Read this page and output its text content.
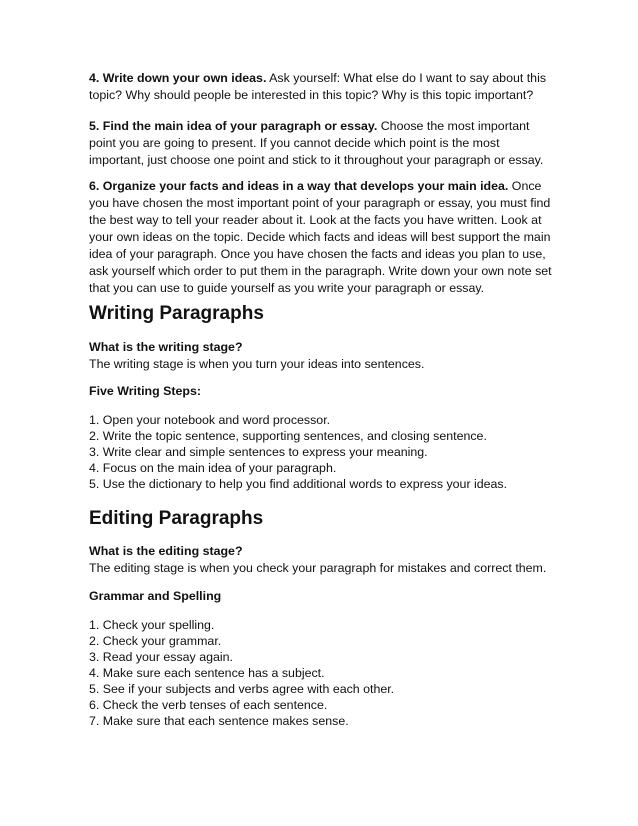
4. Write down your own ideas. Ask yourself: What else do I want to say about this topic? Why should people be interested in this topic? Why is this topic important?

5. Find the main idea of your paragraph or essay. Choose the most important point you are going to present. If you cannot decide which point is the most important, just choose one point and stick to it throughout your paragraph or essay.

6. Organize your facts and ideas in a way that develops your main idea. Once you have chosen the most important point of your paragraph or essay, you must find the best way to tell your reader about it. Look at the facts you have written. Look at your own ideas on the topic. Decide which facts and ideas will best support the main idea of your paragraph. Once you have chosen the facts and ideas you plan to use, ask yourself which order to put them in the paragraph. Write down your own note set that you can use to guide yourself as you write your paragraph or essay.

Writing Paragraphs
What is the writing stage?
The writing stage is when you turn your ideas into sentences.
Five Writing Steps:
1. Open your notebook and word processor.
2. Write the topic sentence, supporting sentences, and closing sentence.
3. Write clear and simple sentences to express your meaning.
4. Focus on the main idea of your paragraph.
5. Use the dictionary to help you find additional words to express your ideas.
Editing Paragraphs
What is the editing stage?
The editing stage is when you check your paragraph for mistakes and correct them.
Grammar and Spelling
1. Check your spelling.
2. Check your grammar.
3. Read your essay again.
4. Make sure each sentence has a subject.
5. See if your subjects and verbs agree with each other.
6. Check the verb tenses of each sentence.
7. Make sure that each sentence makes sense.
